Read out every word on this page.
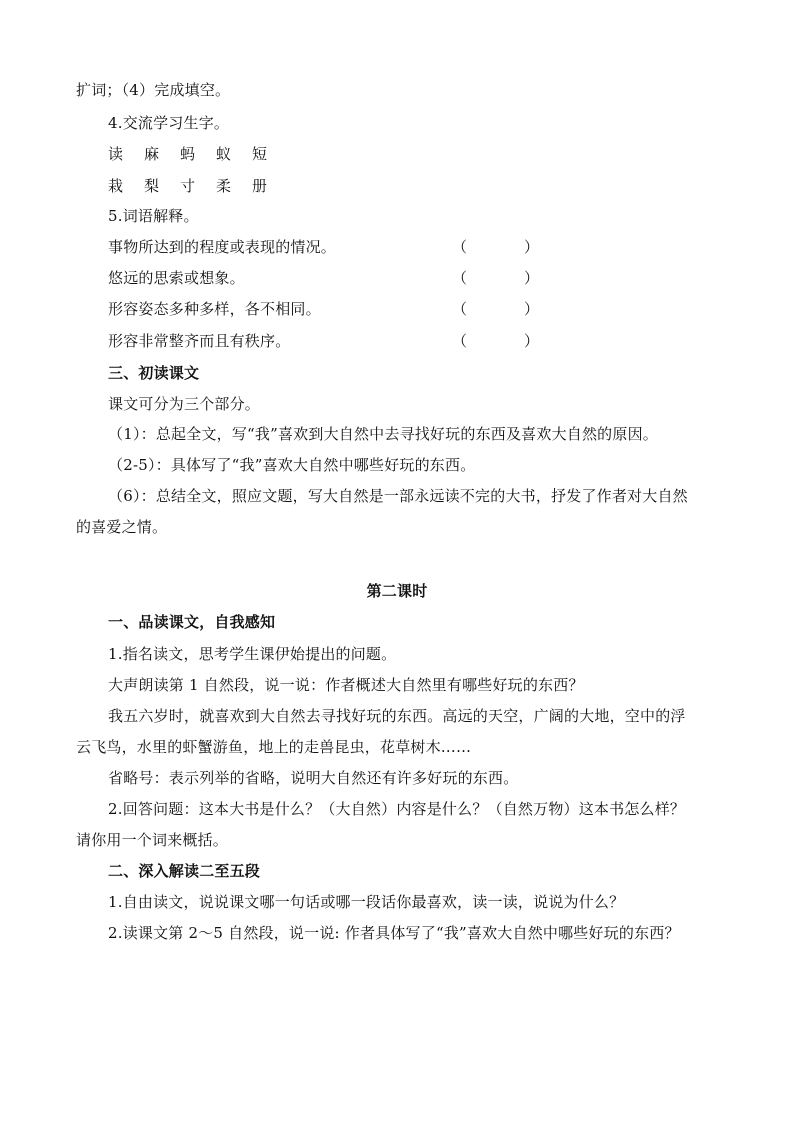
扩词；（4）完成填空。
4.交流学习生字。
读 麻 蚂 蚁 短
栽 梨 寸 柔 册
5.词语解释。
事物所达到的程度或表现的情况。	（	）
悠远的思索或想象。	（	）
形容姿态多种多样，各不相同。	（	）
形容非常整齐而且有秩序。	（	）
三、初读课文
课文可分为三个部分。
（1）：总起全文，写“我”喜欢到大自然中去寻找好玩的东西及喜欢大自然的原因。
（2-5）：具体写了“我”喜欢大自然中哪些好玩的东西。
（6）：总结全文，照应文题，写大自然是一部永远读不完的大书，抒发了作者对大自然
的喜爱之情。
第二课时
一、品读课文，自我感知
1.指名读文，思考学生课伊始提出的问题。
大声朗读第 1 自然段，说一说：作者概述大自然里有哪些好玩的东西？
我五六岁时，就喜欢到大自然去寻找好玩的东西。高远的天空，广阔的大地，空中的浮
云飞鸟，水里的虾蟹游鱼，地上的走兽昆虫，花草树木……
省略号：表示列举的省略，说明大自然还有许多好玩的东西。
2.回答问题：这本大书是什么？（大自然）内容是什么？（自然万物）这本书怎么样？
请你用一个词来概括。
二、深入解读二至五段
1.自由读文，说说课文哪一句话或哪一段话你最喜欢，读一读，说说为什么？
2.读课文第 2～5 自然段，说一说: 作者具体写了“我”喜欢大自然中哪些好玩的东西？
